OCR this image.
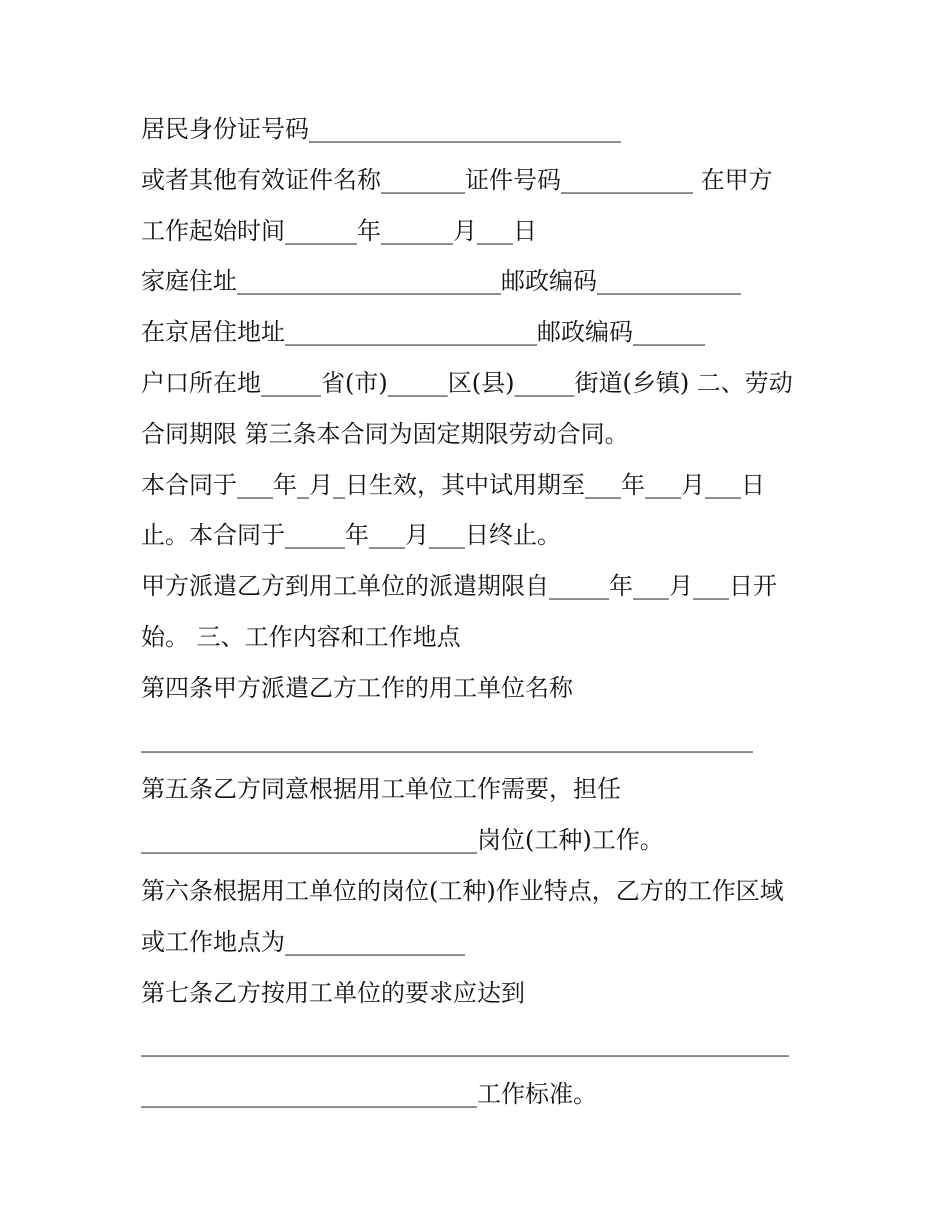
居民身份证号码__________________________
或者其他有效证件名称_______证件号码___________ 在甲方
工作起始时间______年______月___日
家庭住址______________________邮政编码____________
在京居住地址_____________________邮政编码______
户口所在地_____省(市)_____区(县)_____街道(乡镇) 二、劳动
合同期限 第三条本合同为固定期限劳动合同。
本合同于___年_月_日生效，其中试用期至___年___月___日
止。本合同于_____年___月___日终止。
甲方派遣乙方到用工单位的派遣期限自_____年___月___日开
始。 三、工作内容和工作地点
第四条甲方派遣乙方工作的用工单位名称
___________________________________________________
第五条乙方同意根据用工单位工作需要，担任
____________________________岗位(工种)工作。
第六条根据用工单位的岗位(工种)作业特点，乙方的工作区域
或工作地点为_______________
第七条乙方按用工单位的要求应达到
______________________________________________________
____________________________工作标准。
